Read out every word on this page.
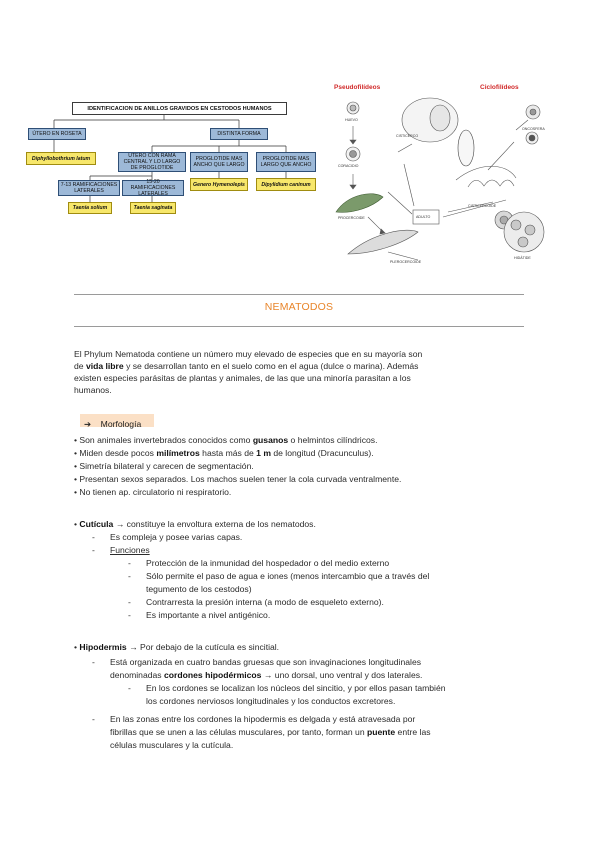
IDENTIFICACION DE ANILLOS GRAVIDOS EN CESTODOS HUMANOS
ÚTERO EN ROSETA	DISTINTA FORMA
Diphyllobothrium latum	UTERO CON RAMA CENTRAL Y LO LARGO DE PROGLOTIDE
PROGLOTIDE MAS ANCHO QUE LARGO
PROGLOTIDE MAS LARGO QUE ANCHO
7-13 RAMIFICACIONES LATERALES
15-20 RAMIFICACIONES LATERALES
Genero Hymenolepis	Dipylidium caninum
Taenia solium	Taenia saginata
Pseudofilídeos	Ciclofilídeos
HUEVO
CORACIDIO
PROCERCOIDE
PLEROCERCOIDE
ADULTO
CISTICERCO
CISTICERCOIDE
ONCOSFERA
HIDÁTIDE
NEMATODOS
El Phylum Nematoda contiene un número muy elevado de especies que en su mayoría son
de vida libre y se desarrollan tanto en el suelo como en el agua (dulce o marina). Además
existen especies parásitas de plantas y animales, de las que una minoría parasitan a los
humanos.
➔ Morfología
• Son animales invertebrados conocidos como gusanos o helmintos cilíndricos.
• Miden desde pocos milímetros hasta más de 1 m de longitud (Dracunculus).
• Simetría bilateral y carecen de segmentación.
• Presentan sexos separados. Los machos suelen tener la cola curvada ventralmente.
• No tienen ap. circulatorio ni respiratorio.
• Cutícula → constituye la envoltura externa de los nematodos.
- Es compleja y posee varias capas.
- Funciones
- Protección de la inmunidad del hospedador o del medio externo
- Sólo permite el paso de agua e iones (menos intercambio que a través del
tegumento de los cestodos)
- Contrarresta la presión interna (a modo de esqueleto externo).
- Es importante a nivel antigénico.
• Hipodermis → Por debajo de la cutícula es sincitial.
- Está organizada en cuatro bandas gruesas que son invaginaciones longitudinales
denominadas cordones hipodérmicos → uno dorsal, uno ventral y dos laterales.
- En los cordones se localizan los núcleos del sincitio, y por ellos pasan también
los cordones nerviosos longitudinales y los conductos excretores.
- En las zonas entre los cordones la hipodermis es delgada y está atravesada por
fibrillas que se unen a las células musculares, por tanto, forman un puente entre las
células musculares y la cutícula.
